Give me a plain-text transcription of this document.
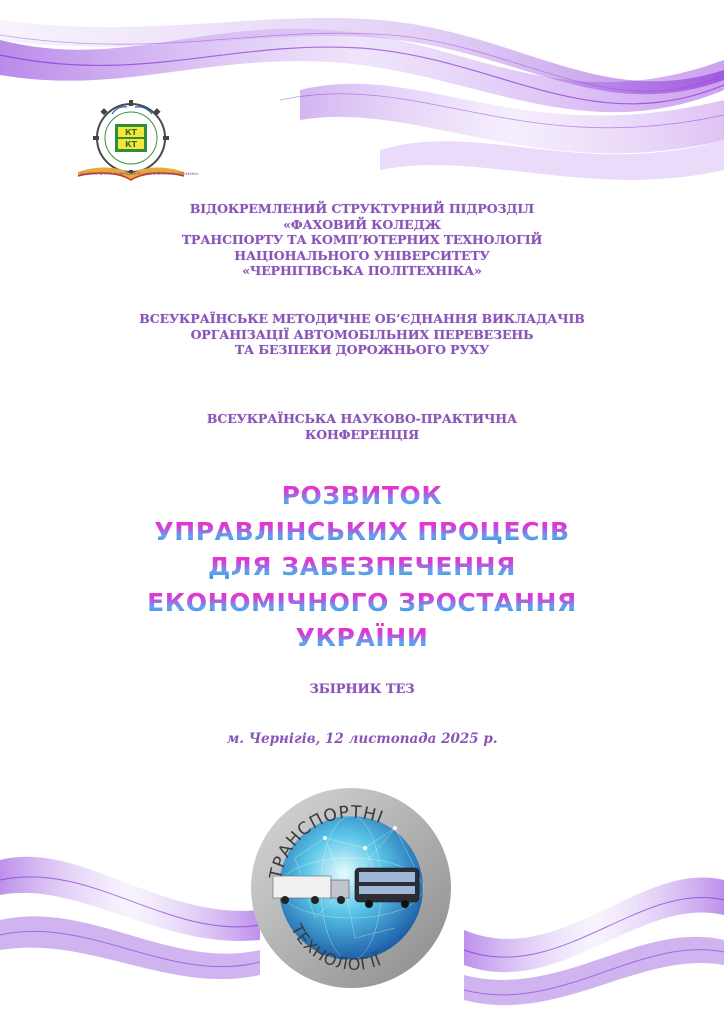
КТ
КТ
НАЦІОНАЛЬНОГО УНІВЕРСИТЕТУ «ЧЕРНІГІВСЬКА ПОЛІТЕХНІКА»
ВІДОКРЕМЛЕНИЙ СТРУКТУРНИЙ ПІДРОЗДІЛ
«ФАХОВИЙ КОЛЕДЖ
ТРАНСПОРТУ ТА КОМП’ЮТЕРНИХ ТЕХНОЛОГІЙ
НАЦІОНАЛЬНОГО УНІВЕРСИТЕТУ
«ЧЕРНІГІВСЬКА ПОЛІТЕХНІКА»
ВСЕУКРАЇНСЬКЕ МЕТОДИЧНЕ ОБ’ЄДНАННЯ ВИКЛАДАЧІВ
ОРГАНІЗАЦІЇ АВТОМОБІЛЬНИХ ПЕРЕВЕЗЕНЬ
ТА БЕЗПЕКИ ДОРОЖНЬОГО РУХУ
ВСЕУКРАЇНСЬКА НАУКОВО-ПРАКТИЧНА
КОНФЕРЕНЦІЯ
РОЗВИТОК
УПРАВЛІНСЬКИХ ПРОЦЕСІВ
ДЛЯ ЗАБЕЗПЕЧЕННЯ
ЕКОНОМІЧНОГО ЗРОСТАННЯ
УКРАЇНИ
ЗБІРНИК ТЕЗ
м. Чернігів, 12 листопада 2025 р.
ТРАНСПОРТНІ
ТЕХНОЛОГІЇ
